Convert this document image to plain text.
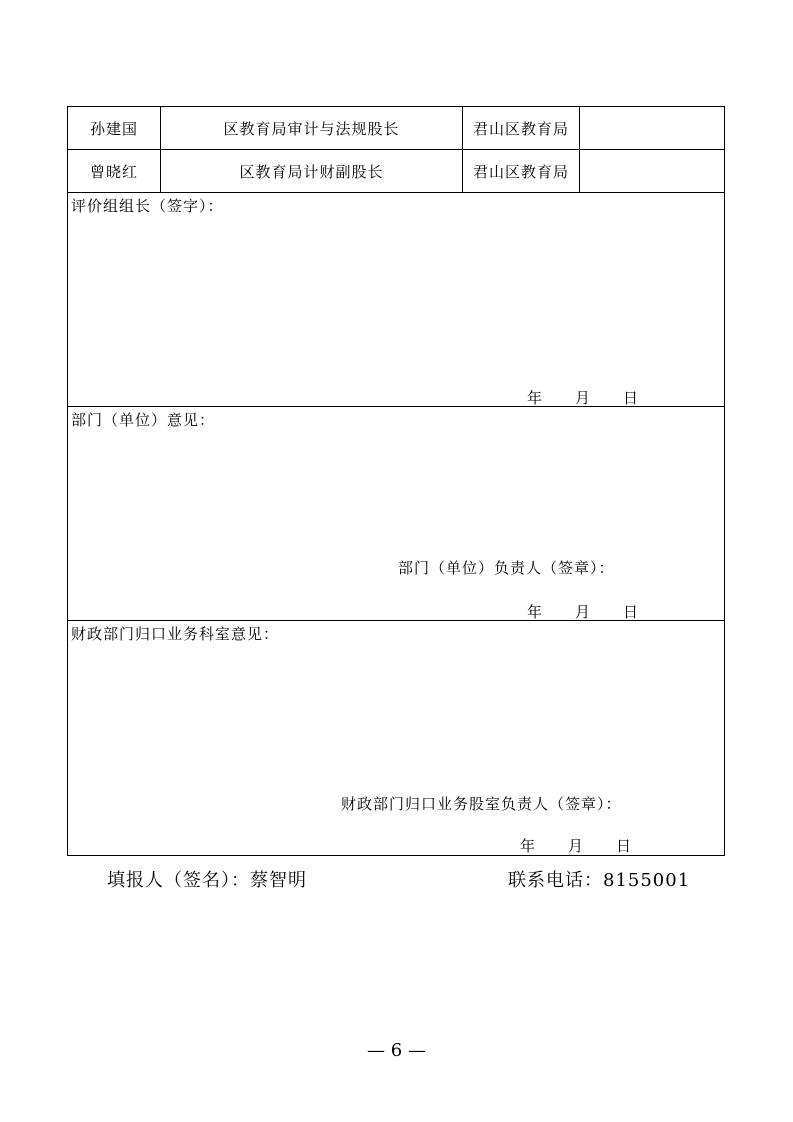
孙建国	区教育局审计与法规股长	君山区教育局
曾晓红	区教育局计财副股长	君山区教育局
评价组组长（签字）：
年 月 日
部门（单位）意见：
部门（单位）负责人（签章）：
年 月 日
财政部门归口业务科室意见：
财政部门归口业务股室负责人（签章）：
年 月 日
填报人（签名）：蔡智明	联系电话：8155001
— 6 —
